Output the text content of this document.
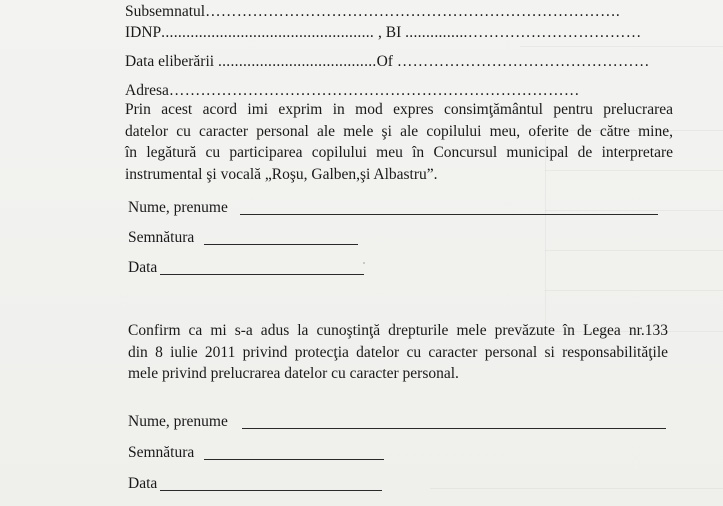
Subsemnatul…………………………………………………………………….
IDNP................................................... , BI ...............……………………………
Data eliberării ......................................Of …………………………………………
Adresa……………………………………………………………………
Prin acest acord imi exprim in mod expres consimţământul pentru prelucrarea
datelor cu caracter personal ale mele şi ale copilului meu, oferite de către mine,
în legătură cu participarea copilului meu în Concursul municipal de interpretare
instrumental şi vocală „Roşu, Galben,şi Albastru”.
Nume, prenume
Semnătura
Data
Confirm ca mi s-a adus la cunoştinţă drepturile mele prevăzute în Legea nr.133
din 8 iulie 2011 privind protecţia datelor cu caracter personal si responsabilităţile
mele privind prelucrarea datelor cu caracter personal.
Nume, prenume
Semnătura
Data
